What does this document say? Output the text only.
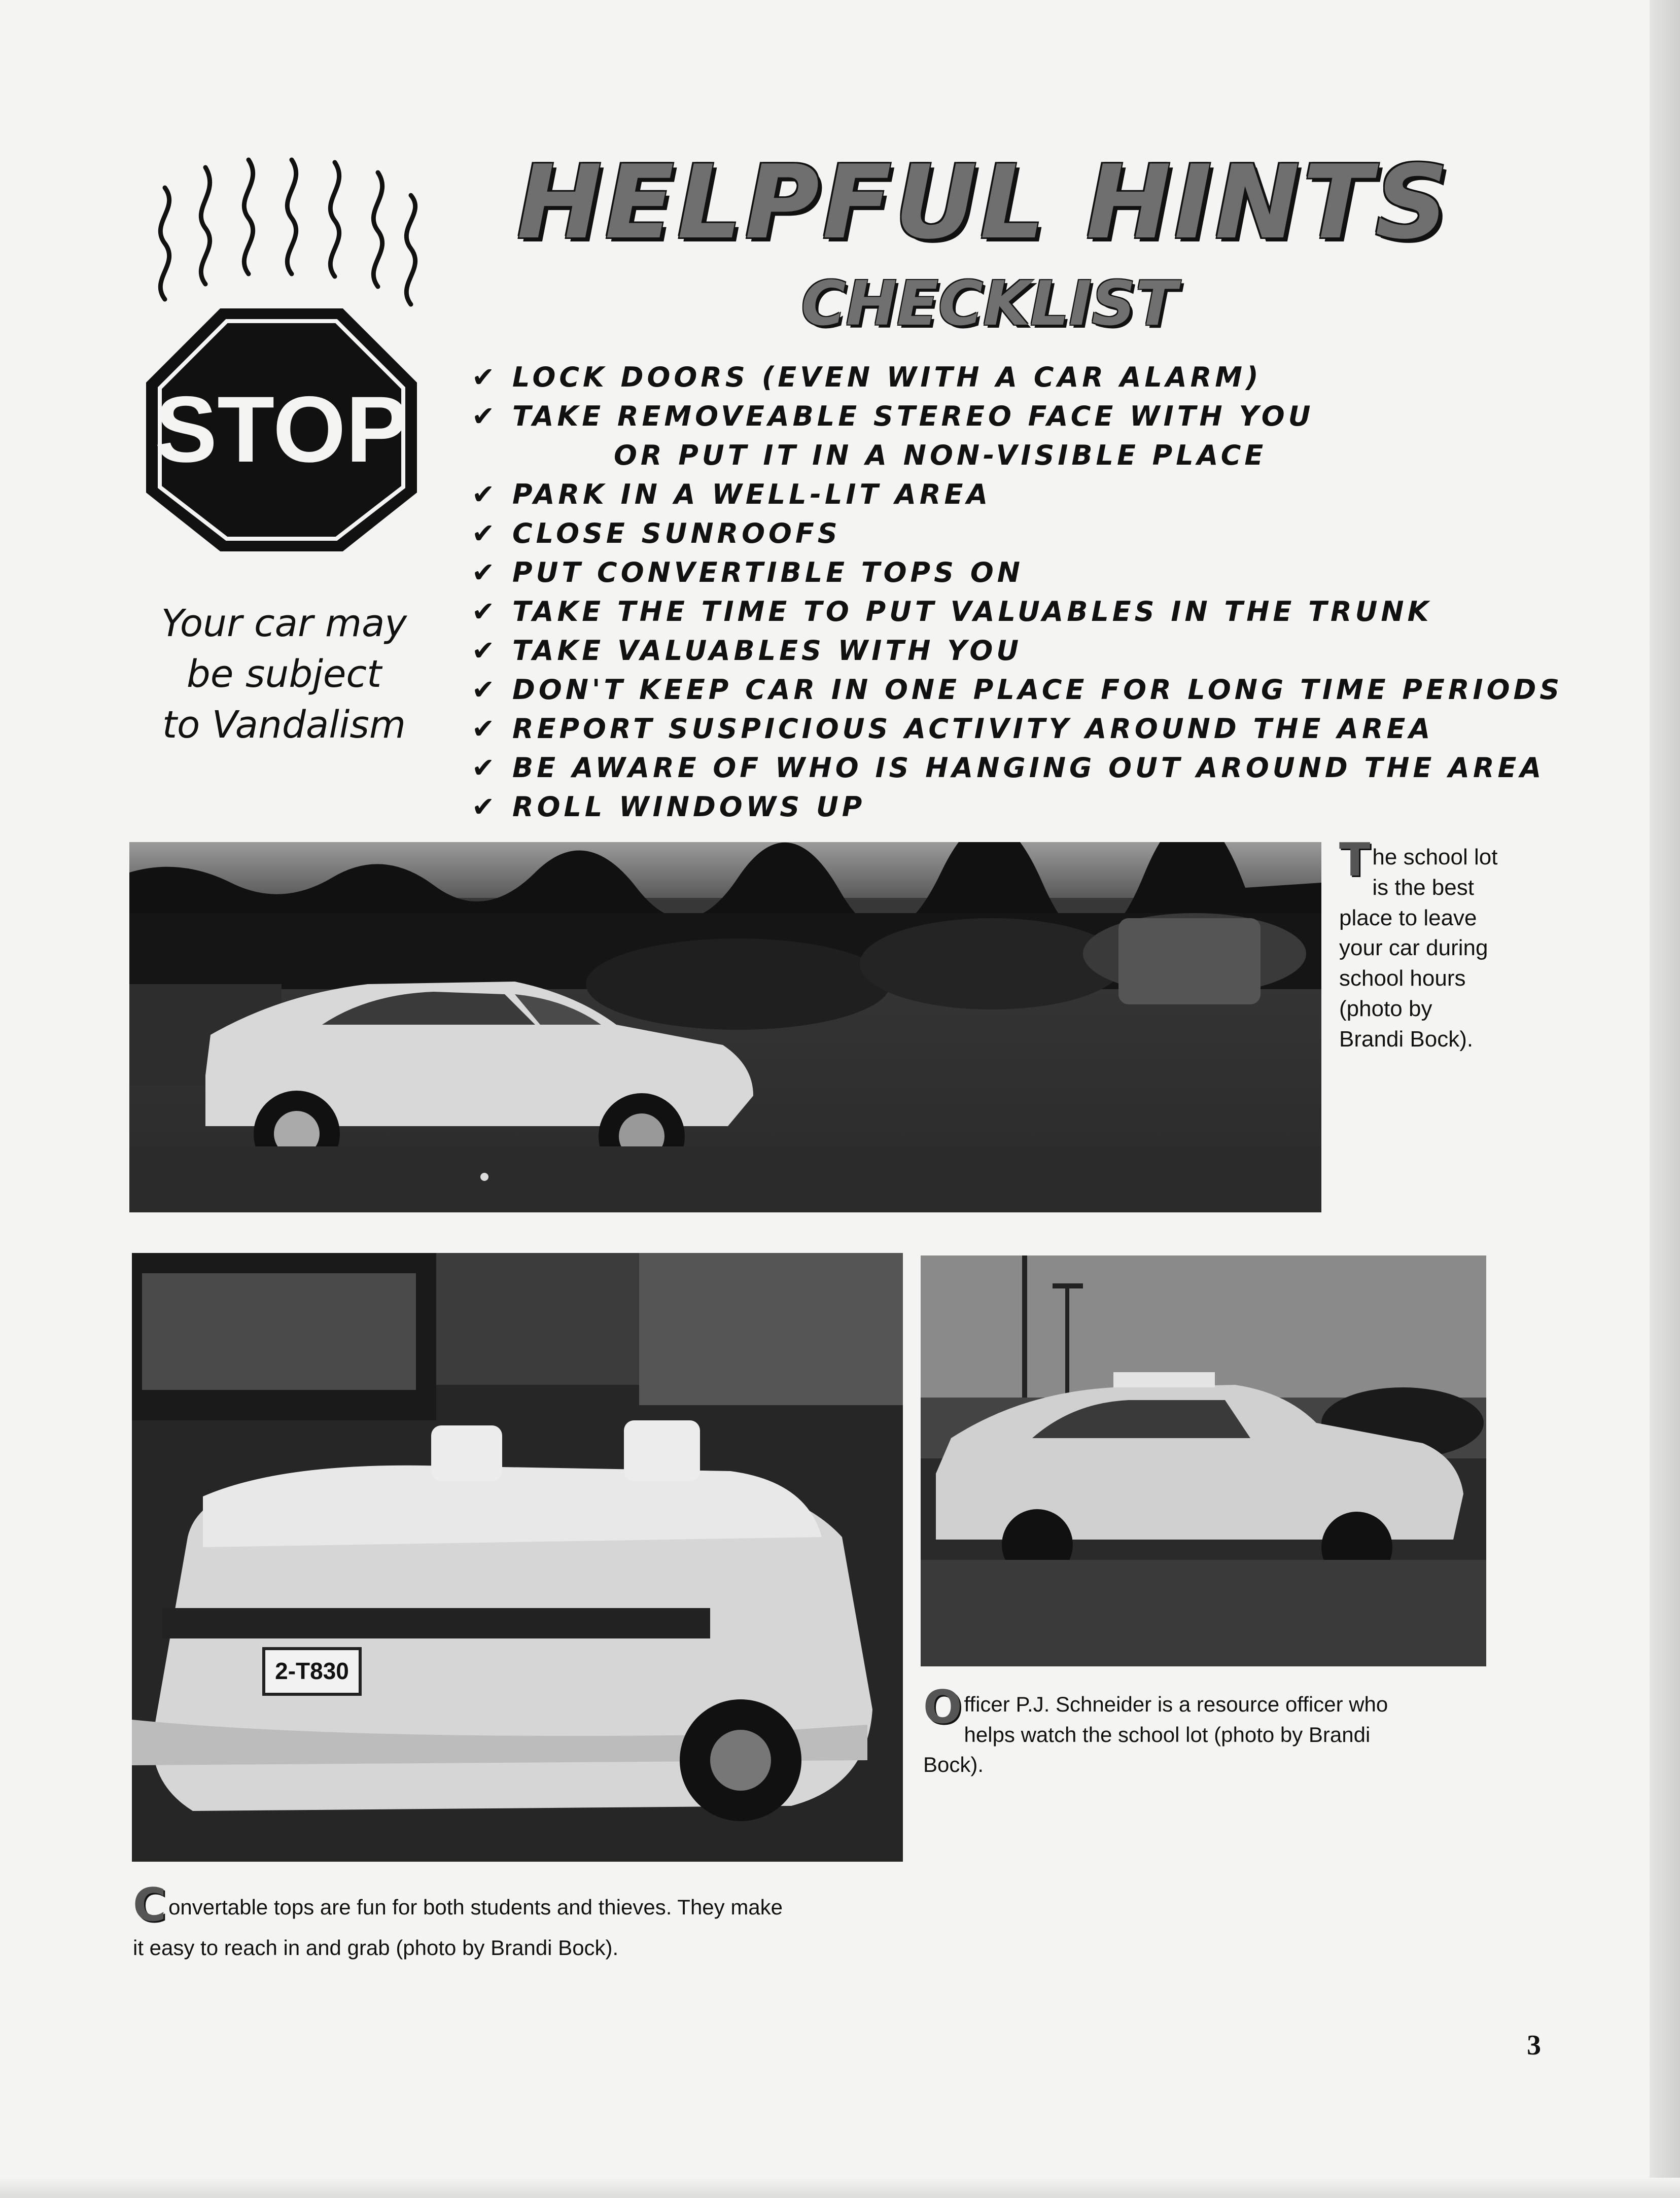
HELPFUL HINTS
CHECKLIST
STOP
Your car may
be subject
to Vandalism
✔ LOCK DOORS (EVEN WITH A CAR ALARM)
✔ TAKE REMOVEABLE STEREO FACE WITH YOU
OR PUT IT IN A NON-VISIBLE PLACE
✔ PARK IN A WELL-LIT AREA
✔ CLOSE SUNROOFS
✔ PUT CONVERTIBLE TOPS ON
✔ TAKE THE TIME TO PUT VALUABLES IN THE TRUNK
✔ TAKE VALUABLES WITH YOU
✔ DON'T KEEP CAR IN ONE PLACE FOR LONG TIME PERIODS
✔ REPORT SUSPICIOUS ACTIVITY AROUND THE AREA
✔ BE AWARE OF WHO IS HANGING OUT AROUND THE AREA
✔ ROLL WINDOWS UP
The school lot is the best place to leave your car during school hours (photo by Brandi Bock).
2-T830
Convertable tops are fun for both students and thieves. They make it easy to reach in and grab (photo by Brandi Bock).
Officer P.J. Schneider is a resource officer who helps watch the school lot (photo by Brandi Bock).
3
